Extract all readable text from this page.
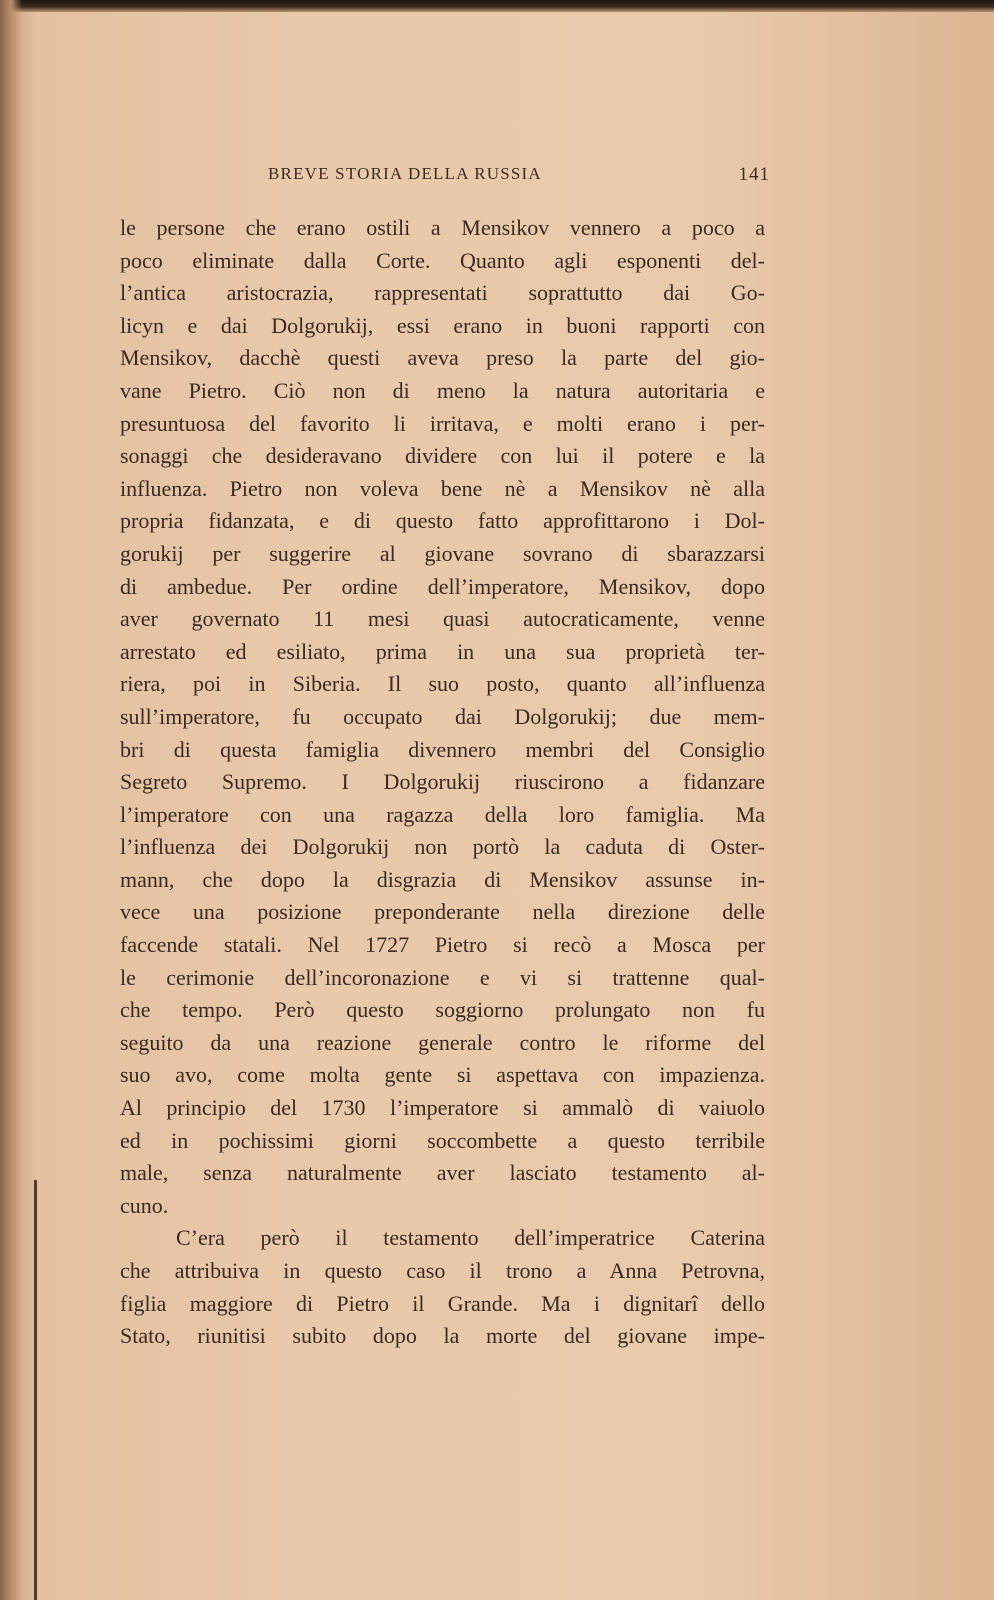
BREVE STORIA DELLA RUSSIA	141
le persone che erano ostili a Mensikov vennero a poco a
poco eliminate dalla Corte. Quanto agli esponenti del-
l’antica aristocrazia, rappresentati soprattutto dai Go-
licyn e dai Dolgorukij, essi erano in buoni rapporti con
Mensikov, dacchè questi aveva preso la parte del gio-
vane Pietro. Ciò non di meno la natura autoritaria e
presuntuosa del favorito li irritava, e molti erano i per-
sonaggi che desideravano dividere con lui il potere e la
influenza. Pietro non voleva bene nè a Mensikov nè alla
propria fidanzata, e di questo fatto approfittarono i Dol-
gorukij per suggerire al giovane sovrano di sbarazzarsi
di ambedue. Per ordine dell’imperatore, Mensikov, dopo
aver governato 11 mesi quasi autocraticamente, venne
arrestato ed esiliato, prima in una sua proprietà ter-
riera, poi in Siberia. Il suo posto, quanto all’influenza
sull’imperatore, fu occupato dai Dolgorukij; due mem-
bri di questa famiglia divennero membri del Consiglio
Segreto Supremo. I Dolgorukij riuscirono a fidanzare
l’imperatore con una ragazza della loro famiglia. Ma
l’influenza dei Dolgorukij non portò la caduta di Oster-
mann, che dopo la disgrazia di Mensikov assunse in-
vece una posizione preponderante nella direzione delle
faccende statali. Nel 1727 Pietro si recò a Mosca per
le cerimonie dell’incoronazione e vi si trattenne qual-
che tempo. Però questo soggiorno prolungato non fu
seguito da una reazione generale contro le riforme del
suo avo, come molta gente si aspettava con impazienza.
Al principio del 1730 l’imperatore si ammalò di vaiuolo
ed in pochissimi giorni soccombette a questo terribile
male, senza naturalmente aver lasciato testamento al-
cuno.
C’era però il testamento dell’imperatrice Caterina
che attribuiva in questo caso il trono a Anna Petrovna,
figlia maggiore di Pietro il Grande. Ma i dignitarî dello
Stato, riunitisi subito dopo la morte del giovane impe-
